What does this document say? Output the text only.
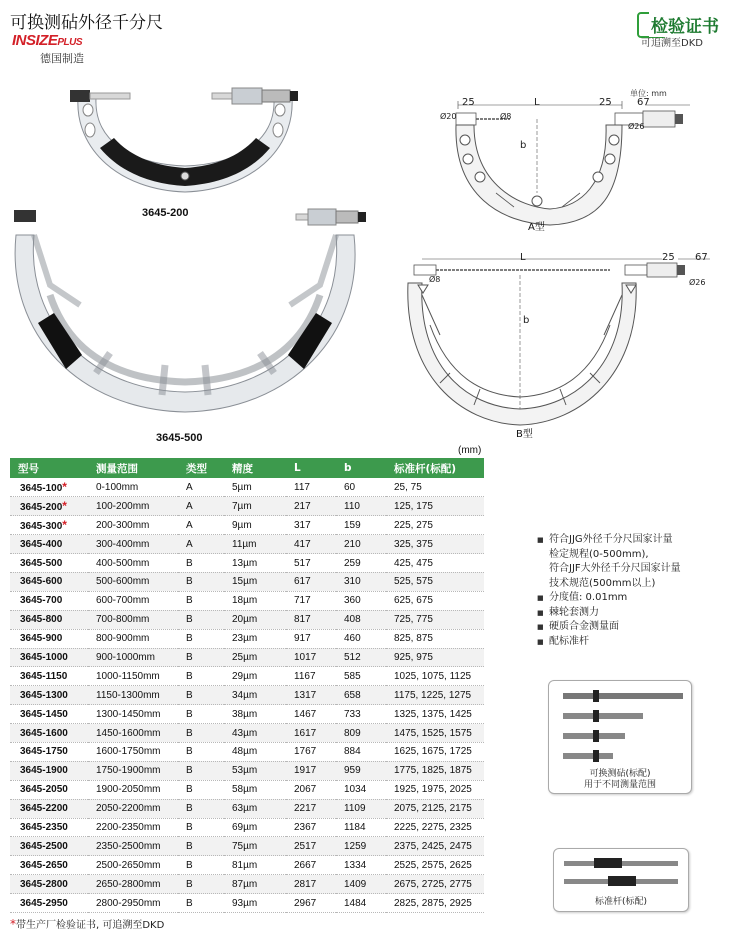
可换测砧外径千分尺
INSIZEPLUS
德国制造
检验证书
可追溯至DKD
3645-200
3645-500
单位: mm
25	L	25	67
b
Ø20	Ø8
Ø26
A型
L	25 67
b
Ø8	Ø26
B型
(mm)
型号	测量范围	类型	精度	L	b	标准杆(标配)
3645-100*	0-100mm	A	5µm	117	60	25, 75
3645-200*	100-200mm	A	7µm	217	110	125, 175
3645-300*	200-300mm	A	9µm	317	159	225, 275
3645-400	300-400mm	A	11µm	417	210	325, 375
3645-500	400-500mm	B	13µm	517	259	425, 475
3645-600	500-600mm	B	15µm	617	310	525, 575
3645-700	600-700mm	B	18µm	717	360	625, 675
3645-800	700-800mm	B	20µm	817	408	725, 775
3645-900	800-900mm	B	23µm	917	460	825, 875
3645-1000	900-1000mm	B	25µm	1017	512	925, 975
3645-1150	1000-1150mm	B	29µm	1167	585	1025, 1075, 1125
3645-1300	1150-1300mm	B	34µm	1317	658	1175, 1225, 1275
3645-1450	1300-1450mm	B	38µm	1467	733	1325, 1375, 1425
3645-1600	1450-1600mm	B	43µm	1617	809	1475, 1525, 1575
3645-1750	1600-1750mm	B	48µm	1767	884	1625, 1675, 1725
3645-1900	1750-1900mm	B	53µm	1917	959	1775, 1825, 1875
3645-2050	1900-2050mm	B	58µm	2067	1034	1925, 1975, 2025
3645-2200	2050-2200mm	B	63µm	2217	1109	2075, 2125, 2175
3645-2350	2200-2350mm	B	69µm	2367	1184	2225, 2275, 2325
3645-2500	2350-2500mm	B	75µm	2517	1259	2375, 2425, 2475
3645-2650	2500-2650mm	B	81µm	2667	1334	2525, 2575, 2625
3645-2800	2650-2800mm	B	87µm	2817	1409	2675, 2725, 2775
3645-2950	2800-2950mm	B	93µm	2967	1484	2825, 2875, 2925
■ 符合JJG外径千分尺国家计量
检定规程(0-500mm),
符合JJF大外径千分尺国家计量
技术规范(500mm以上)
■ 分度值: 0.01mm
■ 棘轮套测力
■ 硬质合金测量面
■ 配标准杆
可换测砧(标配)
用于不同测量范围
标准杆(标配)
*带生产厂检验证书, 可追溯至DKD
